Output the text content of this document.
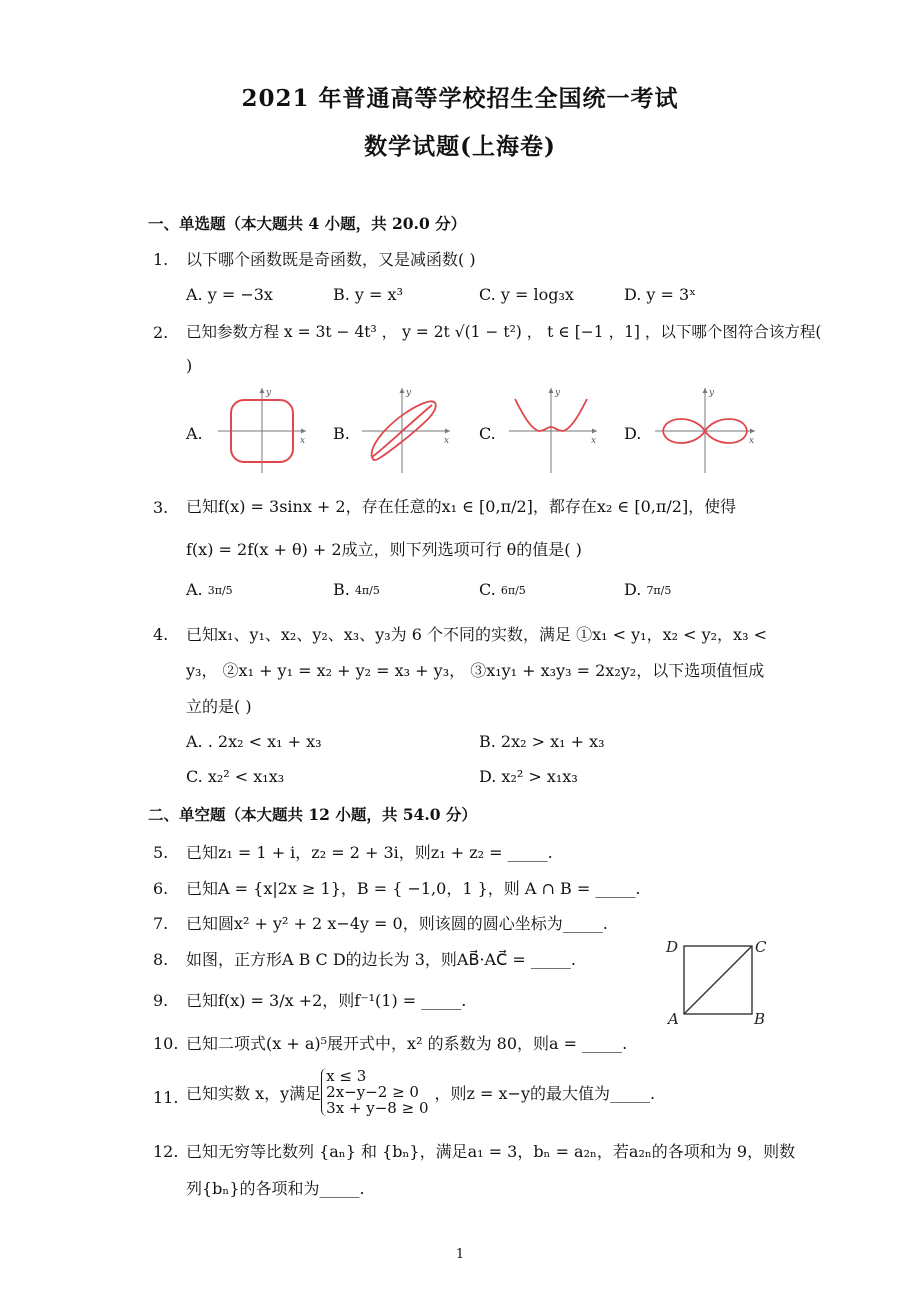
2021 年普通高等学校招生全国统一考试
数学试题(上海卷)
一、单选题（本大题共 4 小题，共 20.0 分）
1. 以下哪个函数既是奇函数，又是减函数( )
A. y = −3x	B. y = x³	C. y = log₃x	D. y = 3ˣ
2. 已知参数方程 x = 3t − 4t³ ， y = 2t √(1 − t²) ， t ∈ [−1 ，1] ，以下哪个图符合该方程(
)
A.	B.	C.	D.
x
y
x
y
x
y
x
y
3. 已知f(x) = 3sinx + 2，存在任意的x₁ ∈ [0,π/2]，都存在x₂ ∈ [0,π/2]，使得
f(x) = 2f(x + θ) + 2成立，则下列选项可行 θ的值是( )
A. 3π/5	B. 4π/5	C. 6π/5	D. 7π/5
4. 已知x₁、y₁、x₂、y₂、x₃、y₃为 6 个不同的实数，满足 ①x₁ < y₁，x₂ < y₂，x₃ <
y₃， ②x₁ + y₁ = x₂ + y₂ = x₃ + y₃， ③x₁y₁ + x₃y₃ = 2x₂y₂，以下选项值恒成
立的是( )
A. . 2x₂ < x₁ + x₃	B. 2x₂ > x₁ + x₃
C. x₂² < x₁x₃	D. x₂² > x₁x₃
二、单空题（本大题共 12 小题，共 54.0 分）
5. 已知z₁ = 1 + i，z₂ = 2 + 3i，则z₁ + z₂ = _____.
6. 已知A = {x|2x ≥ 1}，B = { −1,0，1 }，则 A ∩ B = _____.
7. 已知圆x² + y² + 2 x−4y = 0，则该圆的圆心坐标为_____.
8. 如图，正方形A B C D的边长为 3，则AB⃗·AC⃗ = _____.
D	C
A	B
9. 已知f(x) = 3/x +2，则f⁻¹(1) = _____.
10. 已知二项式(x + a)⁵展开式中，x² 的系数为 80，则a = _____.
11. 已知实数 x，y满足
x ≤ 3
2x−y−2 ≥ 0
3x + y−8 ≥ 0
，则z = x−y的最大值为_____.
12. 已知无穷等比数列 {aₙ} 和 {bₙ}，满足a₁ = 3，bₙ = a₂ₙ，若a₂ₙ的各项和为 9，则数
列{bₙ}的各项和为_____.
1
